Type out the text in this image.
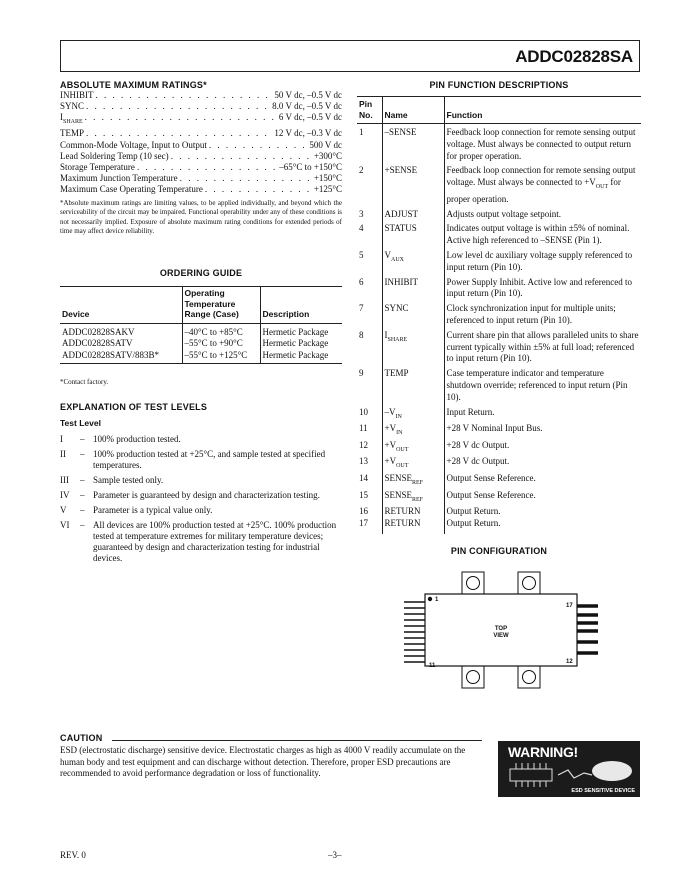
ADDC02828SA
ABSOLUTE MAXIMUM RATINGS*
INHIBIT . . .	50 V dc, –0.5 V dc
SYNC . . .	8.0 V dc, –0.5 V dc
$I_{SHARE}$ . . .	6 V dc, –0.5 V dc
TEMP . . .	12 V dc, –0.3 V dc
Common-Mode Voltage, Input to Output . . .	500 V dc
Lead Soldering Temp (10 sec) . . .	+300°C
Storage Temperature . . .	–65°C to +150°C
Maximum Junction Temperature . . .	+150°C
Maximum Case Operating Temperature . . .	+125°C

*Absolute maximum ratings are limiting values, to be applied individually, and beyond which the serviceability of the circuit may be impaired. Functional operability under any of these conditions is not necessarily implied. Exposure of absolute maximum rating conditions for extended periods of time may affect device reliability.

ORDERING GUIDE
Device	Operating Temperature Range (Case)	Description
ADDC02828SAKV	–40°C to +85°C	Hermetic Package
ADDC02828SATV	–55°C to +90°C	Hermetic Package
ADDC02828SATV/883B*	–55°C to +125°C	Hermetic Package
*Contact factory.
EXPLANATION OF TEST LEVELS
Test Level
I	– 100% production tested.
II	– 100% production tested at +25°C, and sample tested at specified temperatures.
III	– Sample tested only.
IV	– Parameter is guaranteed by design and characterization testing.
V	– Parameter is a typical value only.
VI	– All devices are 100% production tested at +25°C. 100% production tested at temperature extremes for military temperature devices; guaranteed by design and characterization testing for industrial devices.
PIN FUNCTION DESCRIPTIONS
Pin No.	Name	Function
1	–SENSE	Feedback loop connection for remote sensing output voltage. Must always be connected to output return for proper operation.
2	+SENSE	Feedback loop connection for remote sensing output voltage. Must always be connected to $+V_{OUT}$ for proper operation.
3	ADJUST	Adjusts output voltage setpoint.
4	STATUS	Indicates output voltage is within ±5% of nominal. Active high referenced to –SENSE (Pin 1).
5	$V_{AUX}$	Low level dc auxiliary voltage supply referenced to input return (Pin 10).
6	INHIBIT	Power Supply Inhibit. Active low and referenced to input return (Pin 10).
7	SYNC	Clock synchronization input for multiple units; referenced to input return (Pin 10).
8	$I_{SHARE}$	Current share pin that allows paralleled units to share current typically within ±5% at full load; referenced to input return (Pin 10).
9	TEMP	Case temperature indicator and temperature shutdown override; referenced to input return (Pin 10).
10	$-V_{IN}$	Input Return.
11	$+V_{IN}$	+28 V Nominal Input Bus.
12	$+V_{OUT}$	+28 V dc Output.
13	$+V_{OUT}$	+28 V dc Output.
14	$SENSE_{REF}$	Output Sense Reference.
15	$SENSE_{REF}$	Output Sense Reference.
16	RETURN	Output Return.
17	RETURN	Output Return.
PIN CONFIGURATION
1
17
11
12
TOP
VIEW
CAUTION

ESD (electrostatic discharge) sensitive device. Electrostatic charges as high as 4000 V readily accumulate on the human body and test equipment and can discharge without detection. Therefore, proper ESD precautions are recommended to avoid performance degradation or loss of functionality.

WARNING!
ESD SENSITIVE DEVICE
REV. 0	–3–
